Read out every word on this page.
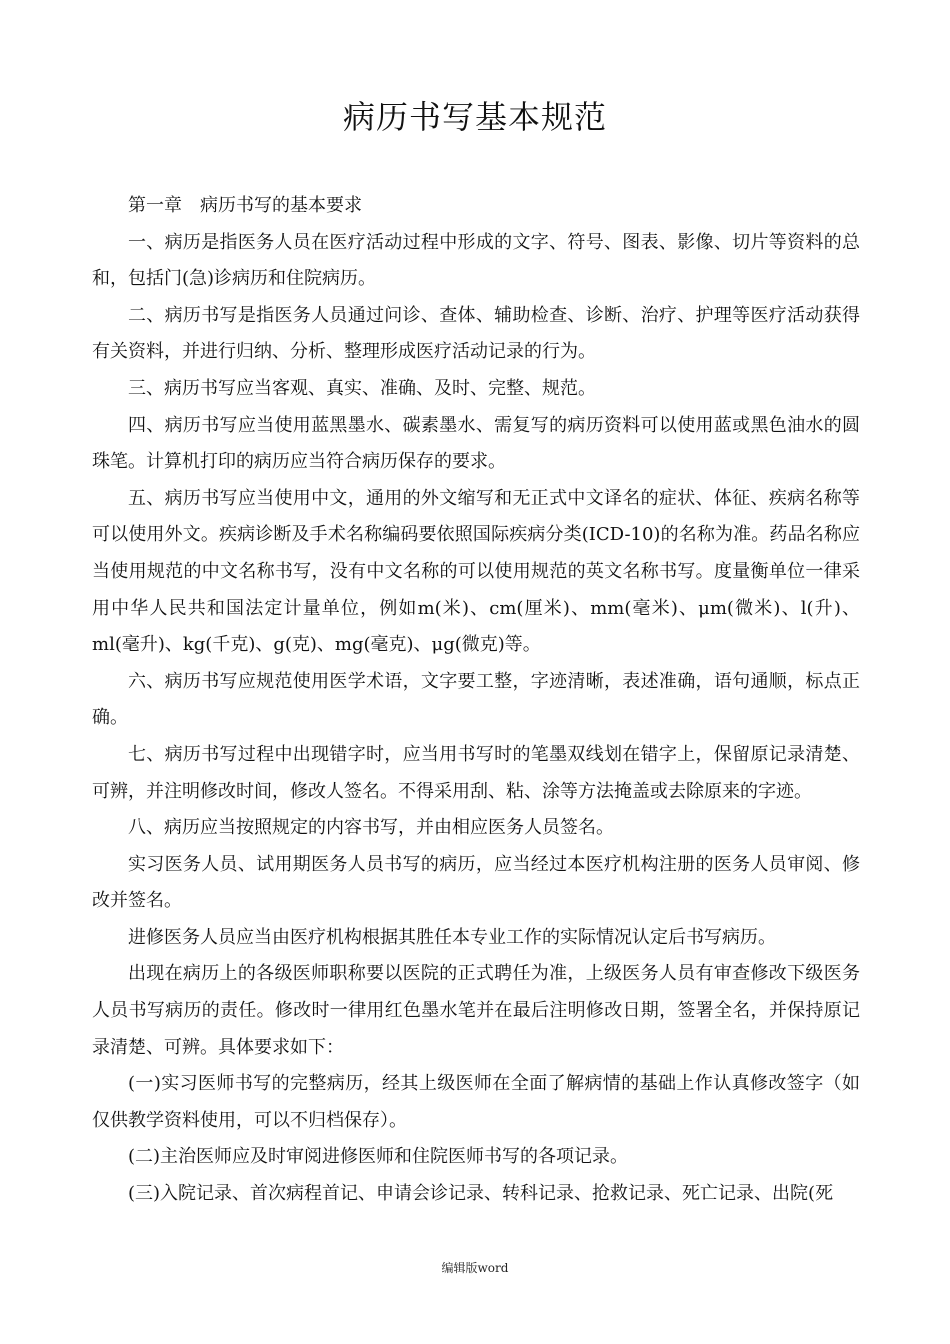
病历书写基本规范

第一章　病历书写的基本要求

一、病历是指医务人员在医疗活动过程中形成的文字、符号、图表、影像、切片等资料的总和，包括门(急)诊病历和住院病历。

二、病历书写是指医务人员通过问诊、查体、辅助检查、诊断、治疗、护理等医疗活动获得有关资料，并进行归纳、分析、整理形成医疗活动记录的行为。

三、病历书写应当客观、真实、准确、及时、完整、规范。

四、病历书写应当使用蓝黑墨水、碳素墨水、需复写的病历资料可以使用蓝或黑色油水的圆珠笔。计算机打印的病历应当符合病历保存的要求。

五、病历书写应当使用中文，通用的外文缩写和无正式中文译名的症状、体征、疾病名称等可以使用外文。疾病诊断及手术名称编码要依照国际疾病分类(ICD-10)的名称为准。药品名称应当使用规范的中文名称书写，没有中文名称的可以使用规范的英文名称书写。度量衡单位一律采用中华人民共和国法定计量单位，例如m(米)、cm(厘米)、mm(毫米)、μm(微米)、l(升)、ml(毫升)、kg(千克)、g(克)、mg(毫克)、μg(微克)等。

六、病历书写应规范使用医学术语，文字要工整，字迹清晰，表述准确，语句通顺，标点正确。

七、病历书写过程中出现错字时，应当用书写时的笔墨双线划在错字上，保留原记录清楚、可辨，并注明修改时间，修改人签名。不得采用刮、粘、涂等方法掩盖或去除原来的字迹。

八、病历应当按照规定的内容书写，并由相应医务人员签名。

实习医务人员、试用期医务人员书写的病历，应当经过本医疗机构注册的医务人员审阅、修改并签名。

进修医务人员应当由医疗机构根据其胜任本专业工作的实际情况认定后书写病历。

出现在病历上的各级医师职称要以医院的正式聘任为准，上级医务人员有审查修改下级医务人员书写病历的责任。修改时一律用红色墨水笔并在最后注明修改日期，签署全名，并保持原记录清楚、可辨。具体要求如下：

(一)实习医师书写的完整病历，经其上级医师在全面了解病情的基础上作认真修改签字（如仅供教学资料使用，可以不归档保存）。

(二)主治医师应及时审阅进修医师和住院医师书写的各项记录。

(三)入院记录、首次病程首记、申请会诊记录、转科记录、抢救记录、死亡记录、出院(死

编辑版word
